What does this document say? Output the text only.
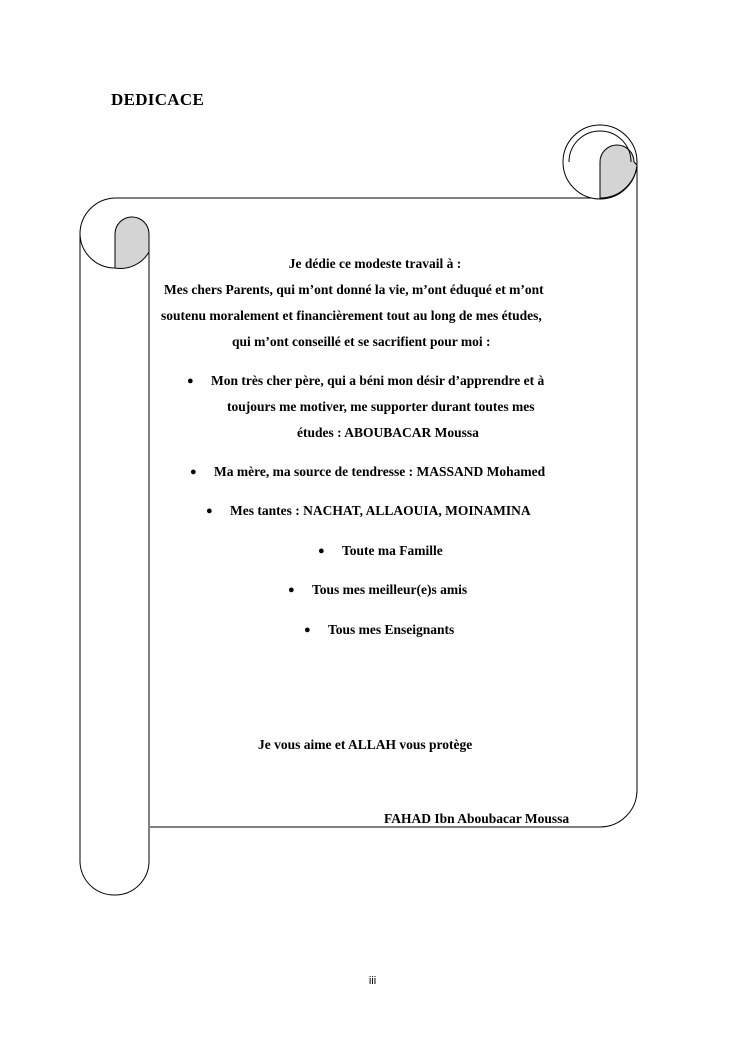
DEDICACE
Je dédie ce modeste travail à :
Mes chers Parents, qui m’ont donné la vie, m’ont éduqué et m’ont
soutenu moralement et financièrement tout au long de mes études,
qui m’ont conseillé et se sacrifient pour moi :
● Mon très cher père, qui a béni mon désir d’apprendre et à
toujours me motiver, me supporter durant toutes mes
études : ABOUBACAR Moussa
● Ma mère, ma source de tendresse : MASSAND Mohamed
● Mes tantes : NACHAT, ALLAOUIA, MOINAMINA
● Toute ma Famille
● Tous mes meilleur(e)s amis
● Tous mes Enseignants
Je vous aime et ALLAH vous protège
FAHAD Ibn Aboubacar Moussa
iii
